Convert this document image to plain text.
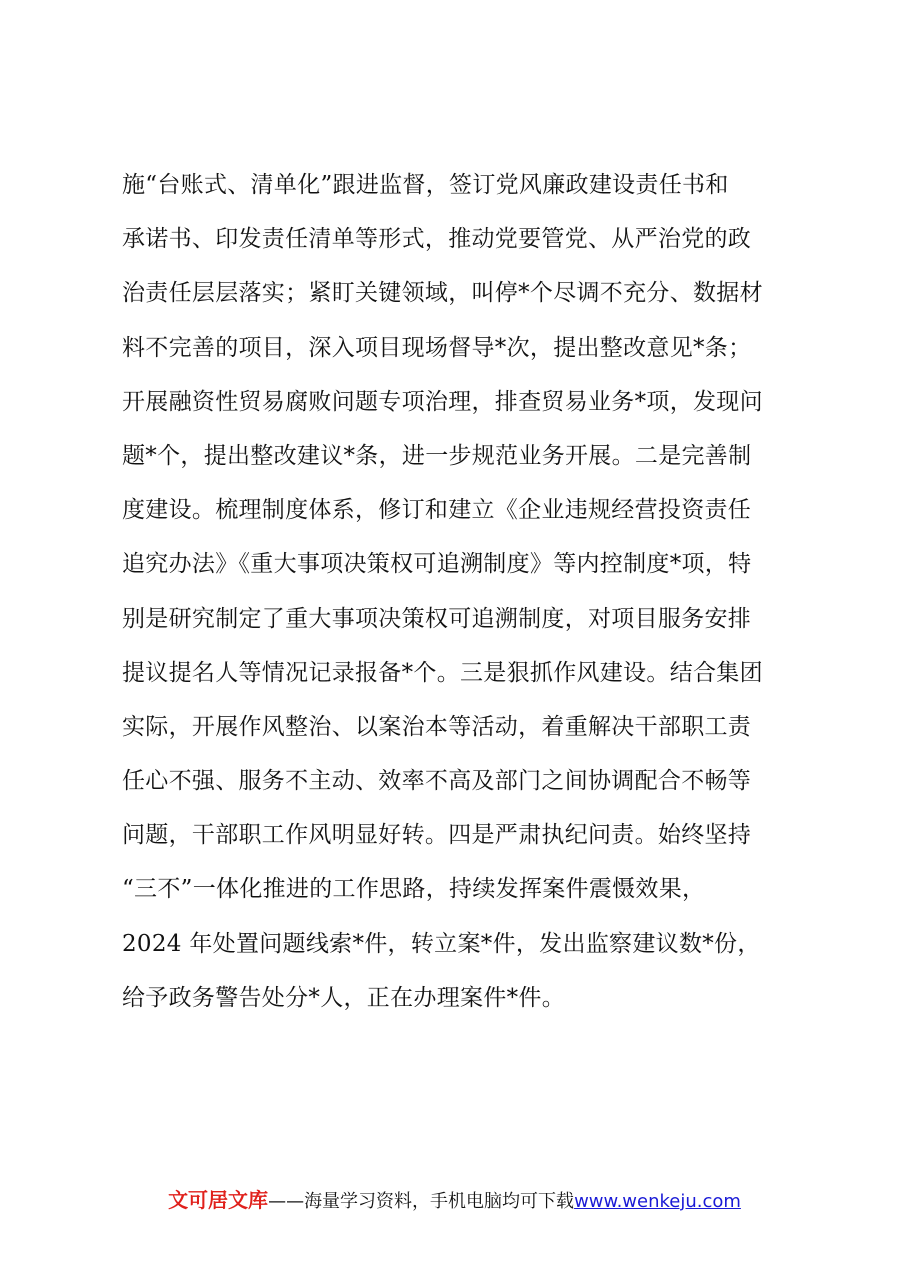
施“台账式、清单化”跟进监督，签订党风廉政建设责任书和
承诺书、印发责任清单等形式，推动党要管党、从严治党的政
治责任层层落实；紧盯关键领域，叫停*个尽调不充分、数据材
料不完善的项目，深入项目现场督导*次，提出整改意见*条；
开展融资性贸易腐败问题专项治理，排查贸易业务*项，发现问
题*个，提出整改建议*条，进一步规范业务开展。二是完善制
度建设。梳理制度体系，修订和建立《企业违规经营投资责任
追究办法》《重大事项决策权可追溯制度》等内控制度*项，特
别是研究制定了重大事项决策权可追溯制度，对项目服务安排
提议提名人等情况记录报备*个。三是狠抓作风建设。结合集团
实际，开展作风整治、以案治本等活动，着重解决干部职工责
任心不强、服务不主动、效率不高及部门之间协调配合不畅等
问题，干部职工作风明显好转。四是严肃执纪问责。始终坚持
“三不”一体化推进的工作思路，持续发挥案件震慑效果，
2024 年处置问题线索*件，转立案*件，发出监察建议数*份，
给予政务警告处分*人，正在办理案件*件。
文可居文库——海量学习资料，手机电脑均可下载www.wenkeju.com
